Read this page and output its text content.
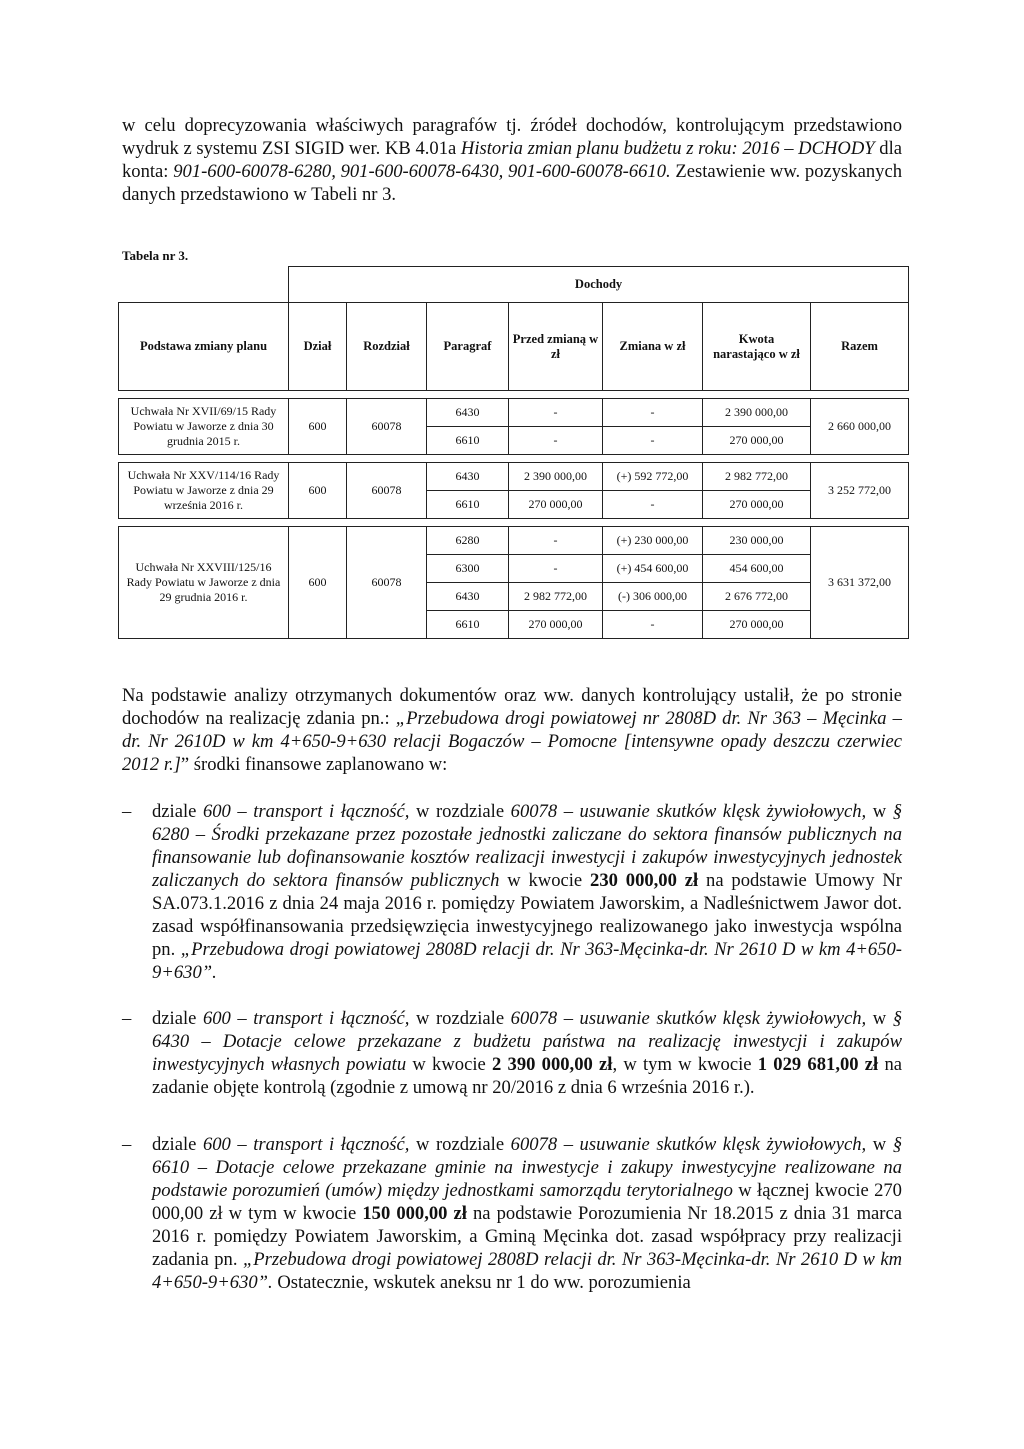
w celu doprecyzowania właściwych paragrafów tj. źródeł dochodów, kontrolującym przedstawiono wydruk z systemu ZSI SIGID wer. KB 4.01a Historia zmian planu budżetu z roku: 2016 – DCHODY dla konta: 901-600-60078-6280, 901-600-60078-6430, 901-600-60078-6610. Zestawienie ww. pozyskanych danych przedstawiono w Tabeli nr 3.

Tabela nr 3.
	Dochody						
Podstawa zmiany planu	Dział	Rozdział	Paragraf	Przed zmianą w zł	Zmiana w zł	Kwota narastająco w zł	Razem

Uchwała Nr XVII/69/15 Rady Powiatu w Jaworze z dnia 30 grudnia 2015 r.	600	60078	6430	-	-	2 390 000,00	2 660 000,00
			6610	-	-	270 000,00	

Uchwała Nr XXV/114/16 Rady Powiatu w Jaworze z dnia 29 września 2016 r.	600	60078	6430	2 390 000,00	(+) 592 772,00	2 982 772,00	3 252 772,00
			6610	270 000,00	-	270 000,00	

Uchwała Nr XXVIII/125/16 Rady Powiatu w Jaworze z dnia 29 grudnia 2016 r.	600	60078	6280	-	(+) 230 000,00	230 000,00	3 631 372,00
			6300	-	(+) 454 600,00	454 600,00	
			6430	2 982 772,00	(-) 306 000,00	2 676 772,00	
			6610	270 000,00	-	270 000,00	

Na podstawie analizy otrzymanych dokumentów oraz ww. danych kontrolujący ustalił, że po stronie dochodów na realizację zdania pn.: „Przebudowa drogi powiatowej nr 2808D dr. Nr 363 – Męcinka – dr. Nr 2610D w km 4+650-9+630 relacji Bogaczów – Pomocne [intensywne opady deszczu czerwiec 2012 r.]” środki finansowe zaplanowano w:

– dziale 600 – transport i łączność, w rozdziale 60078 – usuwanie skutków klęsk żywiołowych, w § 6280 – Środki przekazane przez pozostałe jednostki zaliczane do sektora finansów publicznych na finansowanie lub dofinansowanie kosztów realizacji inwestycji i zakupów inwestycyjnych jednostek zaliczanych do sektora finansów publicznych w kwocie 230 000,00 zł na podstawie Umowy Nr SA.073.1.2016 z dnia 24 maja 2016 r. pomiędzy Powiatem Jaworskim, a Nadleśnictwem Jawor dot. zasad współfinansowania przedsięwzięcia inwestycyjnego realizowanego jako inwestycja wspólna pn. „Przebudowa drogi powiatowej 2808D relacji dr. Nr 363-Męcinka-dr. Nr 2610 D w km 4+650-9+630”.
– dziale 600 – transport i łączność, w rozdziale 60078 – usuwanie skutków klęsk żywiołowych, w § 6430 – Dotacje celowe przekazane z budżetu państwa na realizację inwestycji i zakupów inwestycyjnych własnych powiatu w kwocie 2 390 000,00 zł, w tym w kwocie 1 029 681,00 zł na zadanie objęte kontrolą (zgodnie z umową nr 20/2016 z dnia 6 września 2016 r.).
– dziale 600 – transport i łączność, w rozdziale 60078 – usuwanie skutków klęsk żywiołowych, w § 6610 – Dotacje celowe przekazane gminie na inwestycje i zakupy inwestycyjne realizowane na podstawie porozumień (umów) między jednostkami samorządu terytorialnego w łącznej kwocie 270 000,00 zł w tym w kwocie 150 000,00 zł na podstawie Porozumienia Nr 18.2015 z dnia 31 marca 2016 r. pomiędzy Powiatem Jaworskim, a Gminą Męcinka dot. zasad współpracy przy realizacji zadania pn. „Przebudowa drogi powiatowej 2808D relacji dr. Nr 363-Męcinka-dr. Nr 2610 D w km 4+650-9+630”. Ostatecznie, wskutek aneksu nr 1 do ww. porozumienia
